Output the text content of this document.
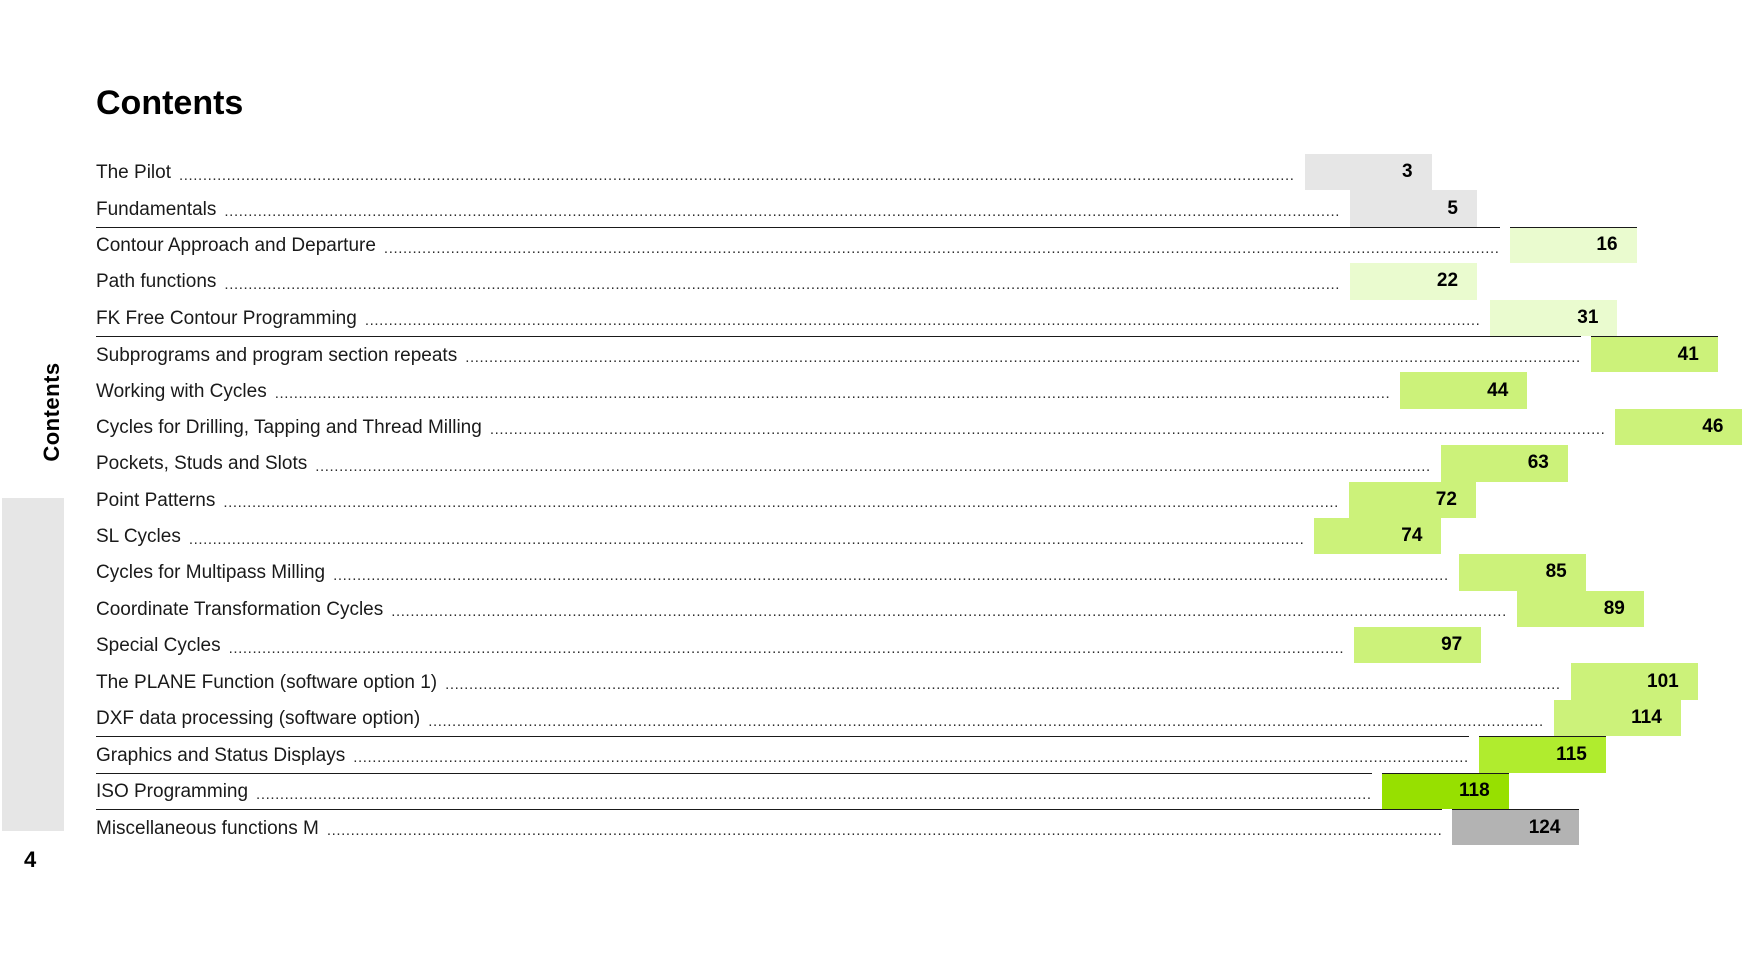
Contents
4
Contents
The Pilot ..........................................................................................................................................................................................................................................	3
Fundamentals ..........................................................................................................................................................................................................................................	5
Contour Approach and Departure ..........................................................................................................................................................................................................................................	16
Path functions ..........................................................................................................................................................................................................................................	22
FK Free Contour Programming ..........................................................................................................................................................................................................................................	31
Subprograms and program section repeats ..........................................................................................................................................................................................................................................	41
Working with Cycles ..........................................................................................................................................................................................................................................	44
Cycles for Drilling, Tapping and Thread Milling ..........................................................................................................................................................................................................................................	46
Pockets, Studs and Slots ..........................................................................................................................................................................................................................................	63
Point Patterns ..........................................................................................................................................................................................................................................	72
SL Cycles ..........................................................................................................................................................................................................................................	74
Cycles for Multipass Milling ..........................................................................................................................................................................................................................................	85
Coordinate Transformation Cycles ..........................................................................................................................................................................................................................................	89
Special Cycles ..........................................................................................................................................................................................................................................	97
The PLANE Function (software option 1) ..........................................................................................................................................................................................................................................	101
DXF data processing (software option) ..........................................................................................................................................................................................................................................	114
Graphics and Status Displays ..........................................................................................................................................................................................................................................	115
ISO Programming ..........................................................................................................................................................................................................................................	118
Miscellaneous functions M ..........................................................................................................................................................................................................................................	124
